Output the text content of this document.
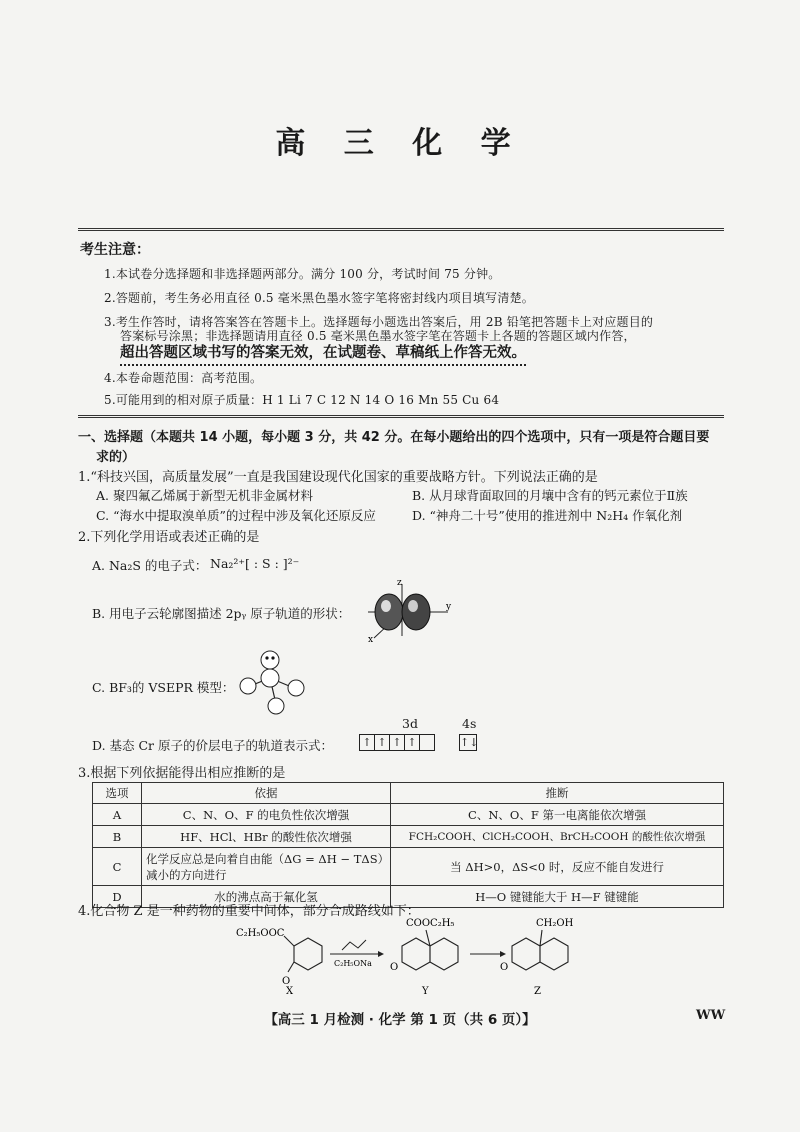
高 三 化 学
考生注意：
1.本试卷分选择题和非选择题两部分。满分 100 分，考试时间 75 分钟。
2.答题前，考生务必用直径 0.5 毫米黑色墨水签字笔将密封线内项目填写清楚。
3.考生作答时，请将答案答在答题卡上。选择题每小题选出答案后，用 2B 铅笔把答题卡上对应题目的
答案标号涂黑；非选择题请用直径 0.5 毫米黑色墨水签字笔在答题卡上各题的答题区域内作答，
超出答题区域书写的答案无效，在试题卷、草稿纸上作答无效。
4.本卷命题范围：高考范围。
5.可能用到的相对原子质量：H 1 Li 7 C 12 N 14 O 16 Mn 55 Cu 64
一、选择题（本题共 14 小题，每小题 3 分，共 42 分。在每小题给出的四个选项中，只有一项是符合题目要
求的）
1.“科技兴国，高质量发展”一直是我国建设现代化国家的重要战略方针。下列说法正确的是
A. 聚四氟乙烯属于新型无机非金属材料	B. 从月球背面取回的月壤中含有的钙元素位于Ⅱ族
C. “海水中提取溴单质”的过程中涉及氧化还原反应	D. “神舟二十号”使用的推进剂中 N₂H₄ 作氧化剂
2.下列化学用语或表述正确的是
A. Na₂S 的电子式： Na₂²⁺[ : S : ]²⁻
B. 用电子云轮廓图描述 2pᵧ 原子轨道的形状：
z
y
x
C. BF₃的 VSEPR 模型：
D. 基态 Cr 原子的价层电子的轨道表示式：
3d	4s
↑ ↑ ↑ ↑	↑↓
3.根据下列依据能得出相应推断的是
选项	依据	推断
A	C、N、O、F 的电负性依次增强	C、N、O、F 第一电离能依次增强
B	HF、HCl、HBr 的酸性依次增强	FCH₂COOH、ClCH₂COOH、BrCH₂COOH 的酸性依次增强
C	化学反应总是向着自由能（ΔG = ΔH − TΔS）减小的方向进行	当 ΔH>0，ΔS<0 时，反应不能自发进行
D	水的沸点高于氟化氢	H—O 键键能大于 H—F 键键能
4.化合物 Z 是一种药物的重要中间体，部分合成路线如下：
C₂H₅OOC
O
X
C₂H₅ONa
COOC₂H₅
O
Y
CH₂OH
O
Z
【高三 1 月检测 · 化学 第 1 页（共 6 页）】	WW
